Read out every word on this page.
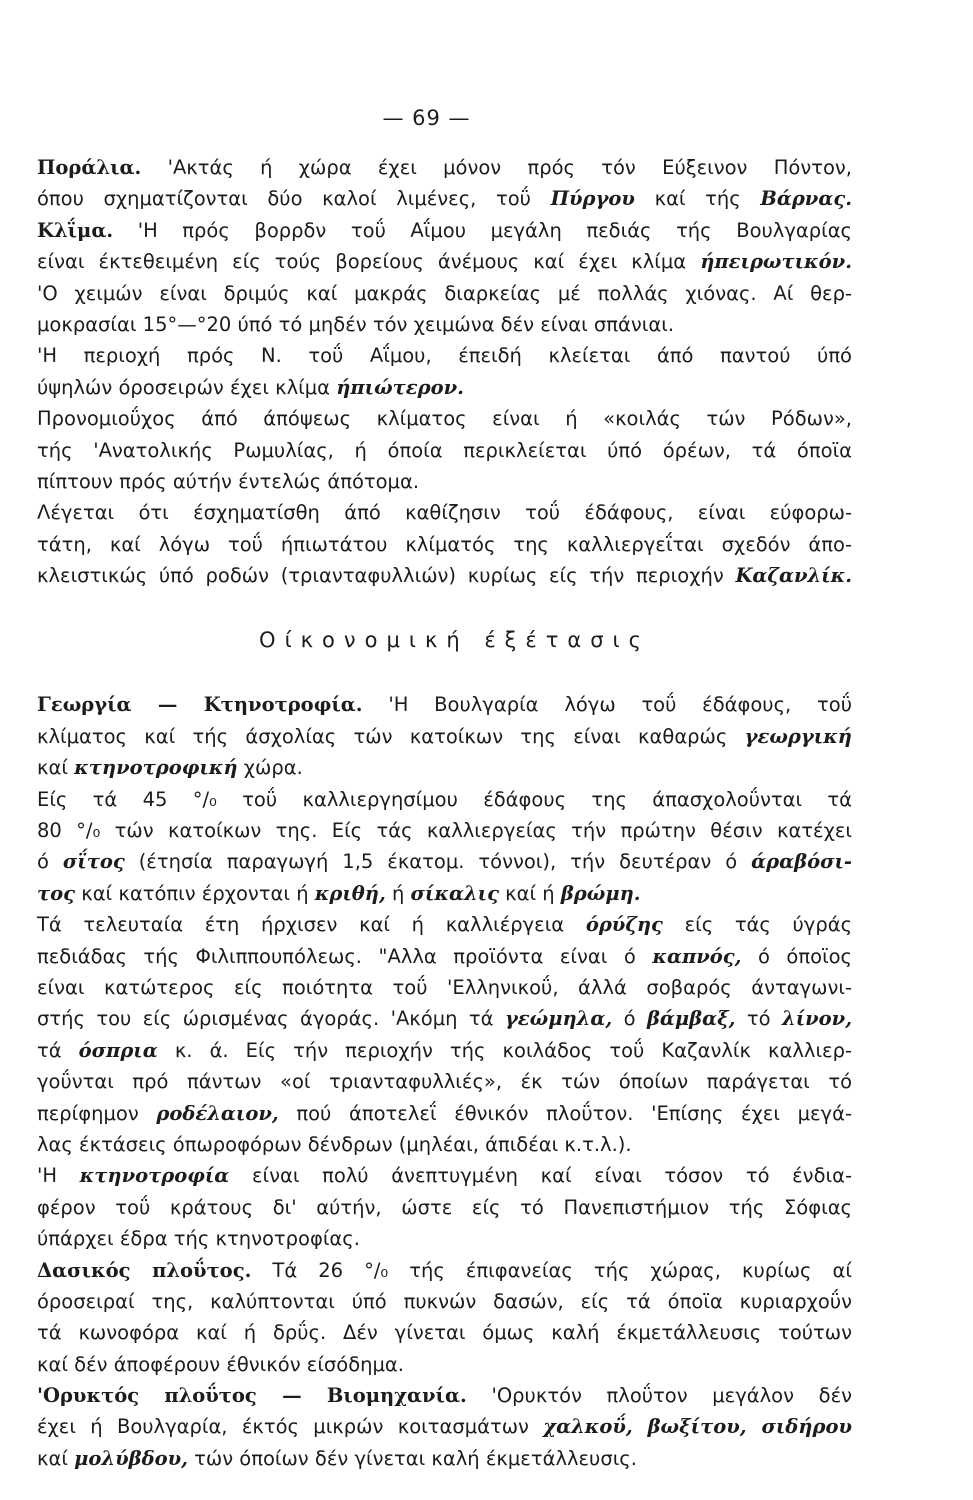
— 69 —
Ποράλια. 'Ακτάς ή χώρα έχει μόνον πρός τόν Εύξεινον Πόντον,
όπου σχηματίζονται δύο καλοί λιμένες, τοΰ Πύργου καί τής Βάρνας.
Κλΐμα. 'Η πρός βορρδν τοΰ Αΐμου μεγάλη πεδιάς τής Βουλγαρίας
είναι έκτεθειμένη είς τούς βορείους άνέμους καί έχει κλίμα ήπειρωτικόν.
'Ο χειμών είναι δριμύς καί μακράς διαρκείας μέ πολλάς χιόνας. Αί θερ-
μοκρασίαι 15°—°20 ύπό τό μηδέν τόν χειμώνα δέν είναι σπάνιαι.
'Η περιοχή πρός Ν. τοΰ Αΐμου, έπειδή κλείεται άπό παντού ύπό
ύψηλών όροσειρών έχει κλίμα ήπιώτερον.
Προνομιοΰχος άπό άπόψεως κλίματος είναι ή «κοιλάς τών Ρόδων»,
τής 'Ανατολικής Ρωμυλίας, ή όποία περικλείεται ύπό όρέων, τά όποϊα
πίπτουν πρός αύτήν έντελώς άπότομα.
Λέγεται ότι έσχηματίσθη άπό καθίζησιν τοΰ έδάφους, είναι εύφορω-
τάτη, καί λόγω τοΰ ήπιωτάτου κλίματός της καλλιεργεΐται σχεδόν άπο-
κλειστικώς ύπό ροδών (τριανταφυλλιών) κυρίως είς τήν περιοχήν Καζανλίκ.
Οίκονομική έξέτασις
Γεωργία — Κτηνοτροφία. 'Η Βουλγαρία λόγω τοΰ έδάφους, τοΰ
κλίματος καί τής άσχολίας τών κατοίκων της είναι καθαρώς γεωργική
καί κτηνοτροφική χώρα.
Είς τά 45 °/₀ τοΰ καλλιεργησίμου έδάφους της άπασχολοΰνται τά
80 °/₀ τών κατοίκων της. Είς τάς καλλιεργείας τήν πρώτην θέσιν κατέχει
ό σΐτος (έτησία παραγωγή 1,5 έκατομ. τόννοι), τήν δευτέραν ό άραβόσι-
τος καί κατόπιν έρχονται ή κριθή, ή σίκαλις καί ή βρώμη.
Τά τελευταία έτη ήρχισεν καί ή καλλιέργεια όρύζης είς τάς ύγράς
πεδιάδας τής Φιλιππουπόλεως. "Αλλα προϊόντα είναι ό καπνός, ό όποϊος
είναι κατώτερος είς ποιότητα τοΰ 'Ελληνικοΰ, άλλά σοβαρός άνταγωνι-
στής του είς ώρισμένας άγοράς. 'Ακόμη τά γεώμηλα, ό βάμβαξ, τό λίνον,
τά όσπρια κ. ά. Είς τήν περιοχήν τής κοιλάδος τοΰ Καζανλίκ καλλιερ-
γοΰνται πρό πάντων «οί τριανταφυλλιές», έκ τών όποίων παράγεται τό
περίφημον ροδέλαιον, πού άποτελεΐ έθνικόν πλοΰτον. 'Επίσης έχει μεγά-
λας έκτάσεις όπωροφόρων δένδρων (μηλέαι, άπιδέαι κ.τ.λ.).
'Η κτηνοτροφία είναι πολύ άνεπτυγμένη καί είναι τόσον τό ένδια-
φέρον τοΰ κράτους δι' αύτήν, ώστε είς τό Πανεπιστήμιον τής Σόφιας
ύπάρχει έδρα τής κτηνοτροφίας.
Δασικός πλοΰτος. Τά 26 °/₀ τής έπιφανείας τής χώρας, κυρίως αί
όροσειραί της, καλύπτονται ύπό πυκνών δασών, είς τά όποϊα κυριαρχοΰν
τά κωνοφόρα καί ή δρΰς. Δέν γίνεται όμως καλή έκμετάλλευσις τούτων
καί δέν άποφέρουν έθνικόν είσόδημα.
'Ορυκτός πλοΰτος — Βιομηχανία. 'Ορυκτόν πλοΰτον μεγάλον δέν
έχει ή Βουλγαρία, έκτός μικρών κοιτασμάτων χαλκοΰ, βωξίτου, σιδήρου
καί μολύβδου, τών όποίων δέν γίνεται καλή έκμετάλλευσις.
